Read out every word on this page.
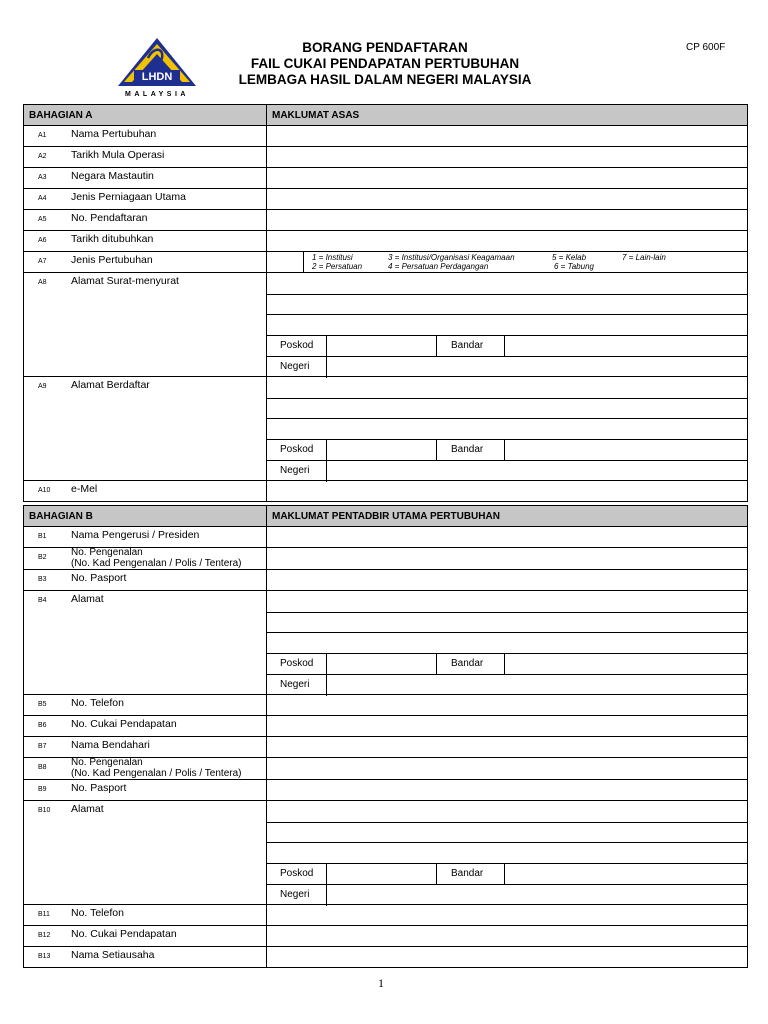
LHDN
MALAYSIA
BORANG PENDAFTARAN
FAIL CUKAI PENDAPATAN PERTUBUHAN
LEMBAGA HASIL DALAM NEGERI MALAYSIA
CP 600F
BAHAGIAN A	MAKLUMAT ASAS
A1 Nama Pertubuhan
A2 Tarikh Mula Operasi
A3 Negara Mastautin
A4 Jenis Perniagaan Utama
A5 No. Pendaftaran
A6 Tarikh ditubuhkan
A7 Jenis Pertubuhan	1 = Institusi
2 = Persatuan
3 = Institusi/Organisasi Keagamaan
4 = Persatuan Perdagangan
5 = Kelab
6 = Tabung
7 = Lain-lain
A8 Alamat Surat-menyurat
Poskod	Bandar
Negeri
A9 Alamat Berdaftar
Poskod	Bandar
Negeri
A10 e-Mel
BAHAGIAN B	MAKLUMAT PENTADBIR UTAMA PERTUBUHAN
B1 Nama Pengerusi / Presiden
B2 No. Pengenalan
(No. Kad Pengenalan / Polis / Tentera)
B3 No. Pasport
B4 Alamat
Poskod	Bandar
Negeri
B5 No. Telefon
B6 No. Cukai Pendapatan
B7 Nama Bendahari
B8 No. Pengenalan
(No. Kad Pengenalan / Polis / Tentera)
B9 No. Pasport
B10 Alamat
Poskod	Bandar
Negeri
B11 No. Telefon
B12 No. Cukai Pendapatan
B13 Nama Setiausaha
1
